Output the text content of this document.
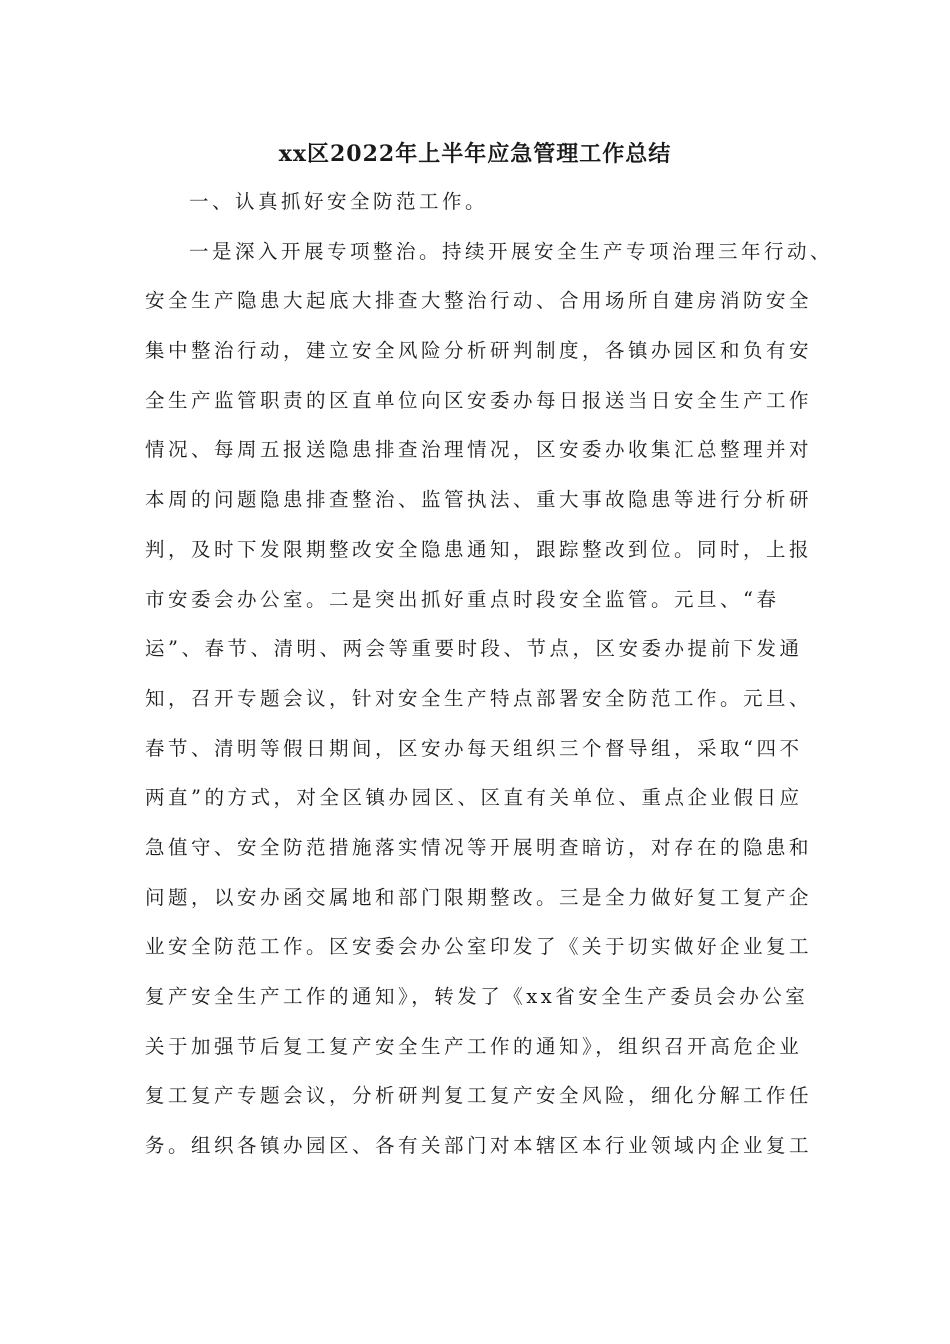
xx区2022年上半年应急管理工作总结
一、认真抓好安全防范工作。
一是深入开展专项整治。持续开展安全生产专项治理三年行动、
安全生产隐患大起底大排查大整治行动、合用场所自建房消防安全
集中整治行动，建立安全风险分析研判制度，各镇办园区和负有安
全生产监管职责的区直单位向区安委办每日报送当日安全生产工作
情况、每周五报送隐患排查治理情况，区安委办收集汇总整理并对
本周的问题隐患排查整治、监管执法、重大事故隐患等进行分析研
判，及时下发限期整改安全隐患通知，跟踪整改到位。同时，上报
市安委会办公室。二是突出抓好重点时段安全监管。元旦、“春
运”、春节、清明、两会等重要时段、节点，区安委办提前下发通
知，召开专题会议，针对安全生产特点部署安全防范工作。元旦、
春节、清明等假日期间，区安办每天组织三个督导组，采取“四不
两直”的方式，对全区镇办园区、区直有关单位、重点企业假日应
急值守、安全防范措施落实情况等开展明查暗访，对存在的隐患和
问题，以安办函交属地和部门限期整改。三是全力做好复工复产企
业安全防范工作。区安委会办公室印发了《关于切实做好企业复工
复产安全生产工作的通知》，转发了《xx省安全生产委员会办公室
关于加强节后复工复产安全生产工作的通知》，组织召开高危企业
复工复产专题会议，分析研判复工复产安全风险，细化分解工作任
务。组织各镇办园区、各有关部门对本辖区本行业领域内企业复工
